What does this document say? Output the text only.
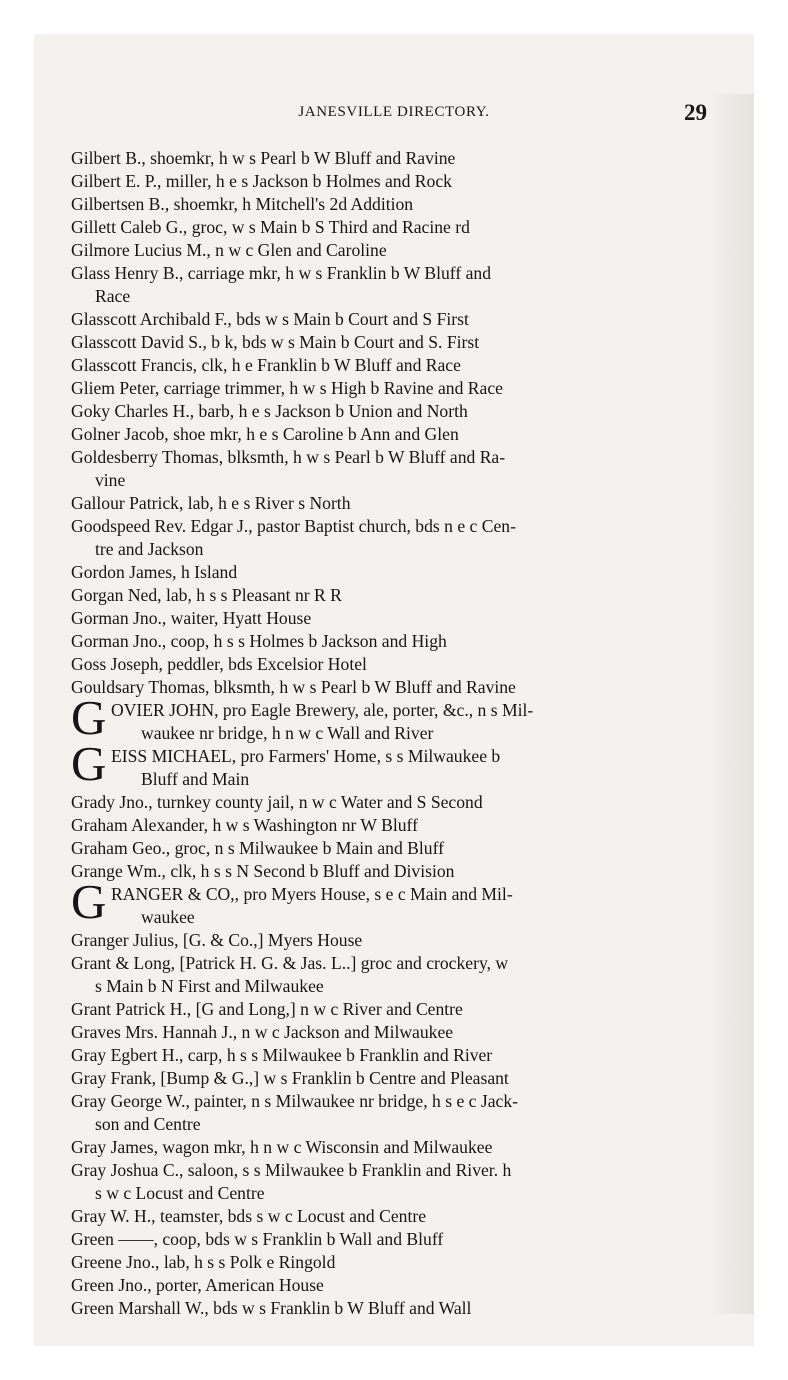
JANESVILLE DIRECTORY.	29
Gilbert B., shoemkr, h w s Pearl b W Bluff and Ravine
Gilbert E. P., miller, h e s Jackson b Holmes and Rock
Gilbertsen B., shoemkr, h Mitchell's 2d Addition
Gillett Caleb G., groc, w s Main b S Third and Racine rd
Gilmore Lucius M., n w c Glen and Caroline
Glass Henry B., carriage mkr, h w s Franklin b W Bluff and
Race
Glasscott Archibald F., bds w s Main b Court and S First
Glasscott David S., b k, bds w s Main b Court and S. First
Glasscott Francis, clk, h e Franklin b W Bluff and Race
Gliem Peter, carriage trimmer, h w s High b Ravine and Race
Goky Charles H., barb, h e s Jackson b Union and North
Golner Jacob, shoe mkr, h e s Caroline b Ann and Glen
Goldesberry Thomas, blksmth, h w s Pearl b W Bluff and Ra-
vine
Gallour Patrick, lab, h e s River s North
Goodspeed Rev. Edgar J., pastor Baptist church, bds n e c Cen-
tre and Jackson
Gordon James, h Island
Gorgan Ned, lab, h s s Pleasant nr R R
Gorman Jno., waiter, Hyatt House
Gorman Jno., coop, h s s Holmes b Jackson and High
Goss Joseph, peddler, bds Excelsior Hotel
Gouldsary Thomas, blksmth, h w s Pearl b W Bluff and Ravine
G OVIER JOHN, pro Eagle Brewery, ale, porter, &c., n s Mil-
waukee nr bridge, h n w c Wall and River
G EISS MICHAEL, pro Farmers' Home, s s Milwaukee b
Bluff and Main
Grady Jno., turnkey county jail, n w c Water and S Second
Graham Alexander, h w s Washington nr W Bluff
Graham Geo., groc, n s Milwaukee b Main and Bluff
Grange Wm., clk, h s s N Second b Bluff and Division
G RANGER & CO,, pro Myers House, s e c Main and Mil-
waukee
Granger Julius, [G. & Co.,] Myers House
Grant & Long, [Patrick H. G. & Jas. L..] groc and crockery, w
s Main b N First and Milwaukee
Grant Patrick H., [G and Long,] n w c River and Centre
Graves Mrs. Hannah J., n w c Jackson and Milwaukee
Gray Egbert H., carp, h s s Milwaukee b Franklin and River
Gray Frank, [Bump & G.,] w s Franklin b Centre and Pleasant
Gray George W., painter, n s Milwaukee nr bridge, h s e c Jack-
son and Centre
Gray James, wagon mkr, h n w c Wisconsin and Milwaukee
Gray Joshua C., saloon, s s Milwaukee b Franklin and River. h
s w c Locust and Centre
Gray W. H., teamster, bds s w c Locust and Centre
Green ——, coop, bds w s Franklin b Wall and Bluff
Greene Jno., lab, h s s Polk e Ringold
Green Jno., porter, American House
Green Marshall W., bds w s Franklin b W Bluff and Wall
